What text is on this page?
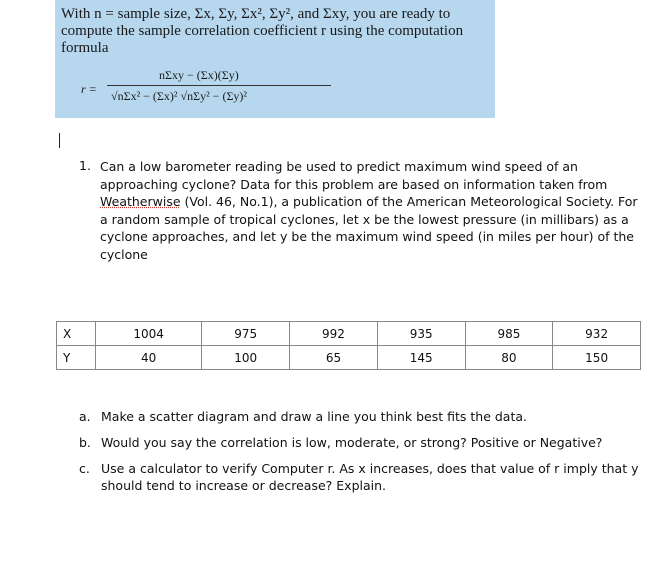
With n = sample size, Σx, Σy, Σx², Σy², and Σxy, you are ready to
compute the sample correlation coefficient r using the computation
formula
r =
nΣxy − (Σx)(Σy)
√nΣx² − (Σx)² √nΣy² − (Σy)²
1. Can a low barometer reading be used to predict maximum wind speed of an approaching cyclone? Data for this problem are based on information taken from Weatherwise (Vol. 46, No.1), a publication of the American Meteorological Society. For a random sample of tropical cyclones, let x be the lowest pressure (in millibars) as a cyclone approaches, and let y be the maximum wind speed (in miles per hour) of the cyclone
X	1004	975	992	935	985	932
Y	40	100	65	145	80	150
a. Make a scatter diagram and draw a line you think best fits the data.
b. Would you say the correlation is low, moderate, or strong? Positive or Negative?
c. Use a calculator to verify Computer r. As x increases, does that value of r imply that y should tend to increase or decrease? Explain.
